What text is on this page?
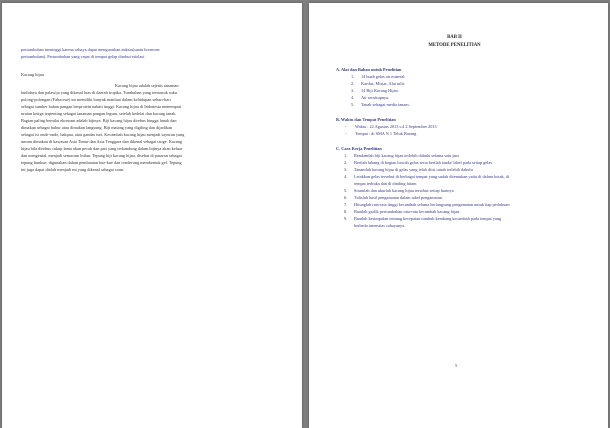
pertumbuhan meninggi karena cahaya dapat menguraikan auksin(suatu hormone
pertumbuhan). Pertumbuhan yang cepat di tempat gelap disebut etiolasi.
Kacang hijau
Kacang hijau adalah sejenis tanaman
budidaya dan palawija yang dikenal luas di daerah tropika. Tumbuhan yang termasuk suku
polong-polongan (Fabaceae) ini memiliki banyak manfaat dalam kehidupan sehari-hari
sebagai sumber bahan pangan berprotein nabati tinggi. Kacang hijau di Indonesia menempati
urutan ketiga terpenting sebagai tanaman pangan legum, setelah kedelai dan kacang tanah.
Bagian paling bernilai ekonomi adalah bijinya. Biji kacang hijau direbus hingga lunak dan
dimakan sebagai bubur atau dimakan langsung. Biji matang yang digiling dan dijadikan
sebagai isi onde-onde, bakpau, atau gandas turi. Kecambah kacang hijau menjadi sayuran yang
umum dimakan di kawasan Asia Timur dan Asia Tenggara dan dikenal sebagai taoge. Kacang
hijau bila direbus cukup lama akan pecah dan pati yang terkandung dalam bijinya akan keluar
dan mengental, menjadi semacam bubur. Tepung biji kacang hijau, disebut di pasaran sebagai
tepung hunkue, digunakan dalam pembuatan kue-kue dan cenderung membentuk gel. Tepung
ini juga dapat diolah menjadi mi yang dikenal sebagai soun.
BAB II
METODE PENELITIAN
A. Alat dan Bahan untuk Penelitian
1. 14 buah gelas air mineral.
2. Kardus, Mistar, Alat tulis
3. 14 Biji Kacang Hijau.
4. Air secukupnya.
5. Tanah sebagai media tanam.
B. Waktu dan Tempat Penelitian
- Waktu : 22 Agustus 2013 s.d 2 September 2013
- Tempat : di SMA N 1 Teluk Barang
C. Cara Kerja Penelitian
1. Rendamlah biji kacang hijau terlebih dahulu selama satu jam
2. Berilah lubang di bagian bawah gelas serta berilah tanda/ label pada setiap gelas
3. Tanamlah kacang hijau di gelas yang telah diisi tanah terlebih dahulu
4. Letakkan gelas tersebut di berbagai tempat yang sudah ditentukan yaitu di dalam kotak, di
tempat terbuka dan di dinding hitam
5. Siramlah dan ukurlah kacang hijau tersebut setiap harinya
6. Tulislah hasil pengamatan dalam tabel pengamatan.
7. Hitunglah rata-rata tinggi kecambah selama berlangsung pengamatan untuk tiap perlakuan.
8. Buatlah grafik pertumbuhan rata-rata kecambah kacang hijau.
9. Buatlah kesimpulan tentang kecepatan tumbuh kembang kecambah pada tempat yang
berbeda intensitas cahayanya.
5
